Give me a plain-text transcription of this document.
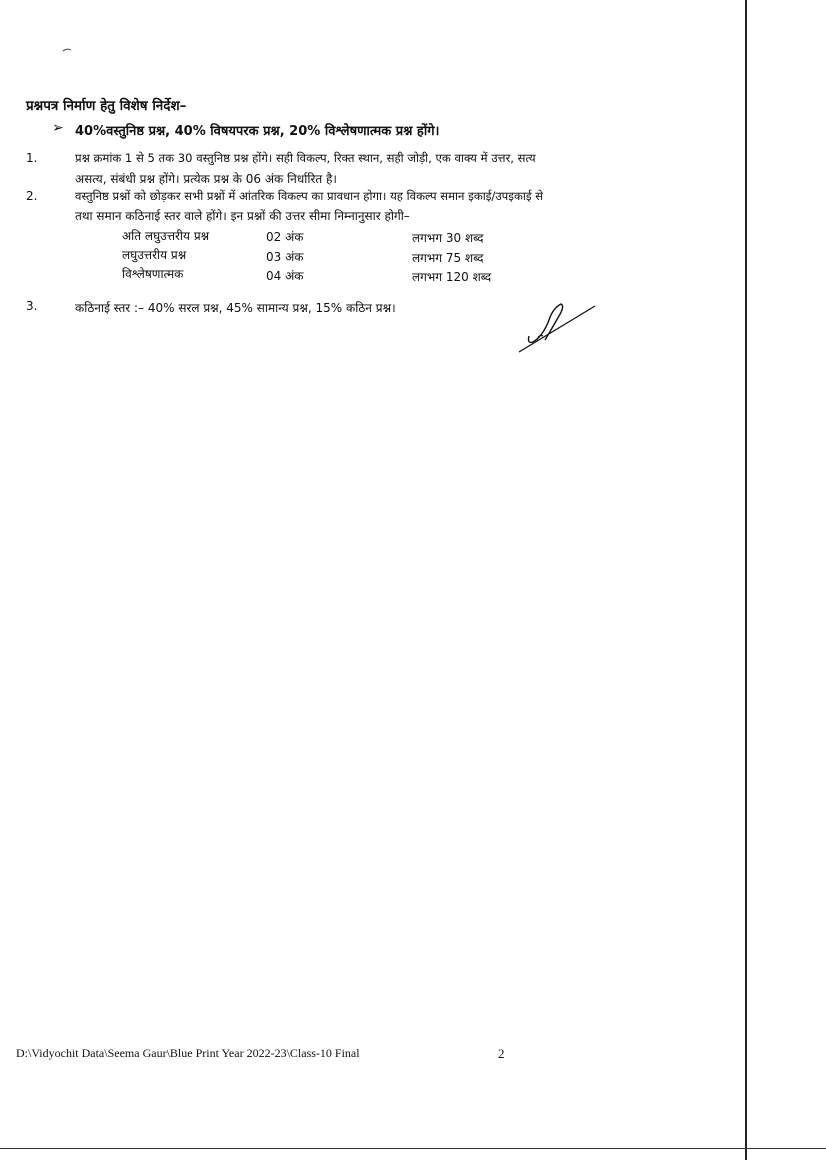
प्रश्नपत्र निर्माण हेतु विशेष निर्देश–
➢ 40%वस्तुनिष्ठ प्रश्न, 40% विषयपरक प्रश्न, 20% विश्लेषणात्मक प्रश्न होंगे।
1.	प्रश्न क्रमांक 1 से 5 तक 30 वस्तुनिष्ठ प्रश्न होंगे। सही विकल्प, रिक्त स्थान, सही जोड़ी, एक वाक्य में उत्तर, सत्य
असत्य, संबंधी प्रश्न होंगे। प्रत्येक प्रश्न के 06 अंक निर्धारित है।
2.	वस्तुनिष्ठ प्रश्नों को छोड़कर सभी प्रश्नों में आंतरिक विकल्प का प्रावधान होगा। यह विकल्प समान इकाई/उपइकाई से
तथा समान कठिनाई स्तर वाले होंगे। इन प्रश्नों की उत्तर सीमा निम्नानुसार होगी–
अति लघुउत्तरीय प्रश्न	02 अंक	लगभग 30 शब्द
लघुउत्तरीय प्रश्न	03 अंक	लगभग 75 शब्द
विश्लेषणात्मक	04 अंक	लगभग 120 शब्द
3.	कठिनाई स्तर :– 40% सरल प्रश्न, 45% सामान्य प्रश्न, 15% कठिन प्रश्न।
D:\Vidyochit Data\Seema Gaur\Blue Print Year 2022-23\Class-10 Final	2
